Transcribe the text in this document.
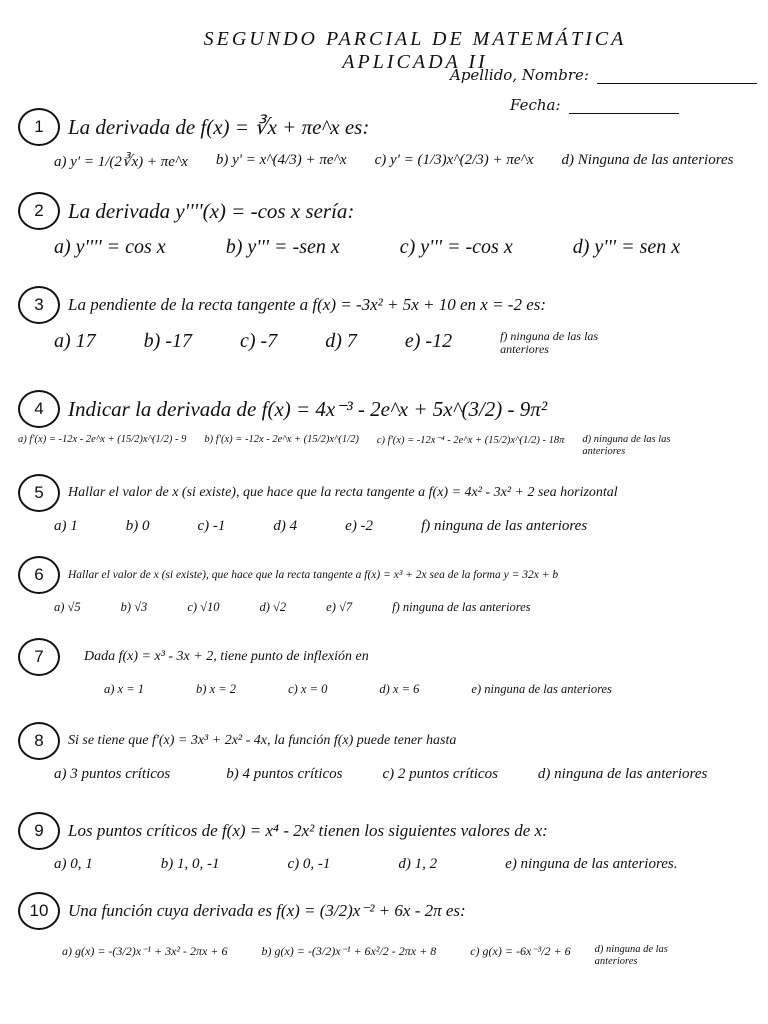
SEGUNDO PARCIAL DE MATEMÁTICA APLICADA II
Apellido, Nombre:
Fecha:
1	La derivada de f(x) = ∛x + πe^x es:
a) y' = 1/(2∛x) + πe^x b) y' = x^(4/3) + πe^x c) y' = (1/3)x^(2/3) + πe^x d) Ninguna de las anteriores
2	La derivada y''''(x) = -cos x sería:
a) y'''' = cos x	b) y''' = -sen x	c) y''' = -cos x	d) y''' = sen x
3	La pendiente de la recta tangente a f(x) = -3x² + 5x + 10 en x = -2 es:
a) 17 b) -17 c) -7 d) 7 e) -12	f) ninguna de las las anteriores
4	Indicar la derivada de f(x) = 4x⁻³ - 2e^x + 5x^(3/2) - 9π²
a) f'(x) = -12x - 2e^x + (15/2)x^(1/2) - 9 b) f'(x) = -12x - 2e^x + (15/2)x^(1/2) c) f'(x) = -12x⁻⁴ - 2e^x + (15/2)x^(1/2) - 18π d) ninguna de las las anteriores
5	Hallar el valor de x (si existe), que hace que la recta tangente a f(x) = 4x² - 3x² + 2 sea horizontal
a) 1	b) 0	c) -1	d) 4	e) -2	f) ninguna de las anteriores
6	Hallar el valor de x (si existe), que hace que la recta tangente a f(x) = x³ + 2x sea de la forma y = 32x + b
a) √5	b) √3	c) √10	d) √2	e) √7	f) ninguna de las anteriores
7	Dada f(x) = x³ - 3x + 2, tiene punto de inflexión en
a) x = 1	b) x = 2	c) x = 0	d) x = 6	e) ninguna de las anteriores
8	Si se tiene que f'(x) = 3x³ + 2x² - 4x, la función f(x) puede tener hasta
a) 3 puntos críticos	b) 4 puntos críticos	c) 2 puntos críticos	d) ninguna de las anteriores
9	Los puntos críticos de f(x) = x⁴ - 2x² tienen los siguientes valores de x:
a) 0, 1	b) 1, 0, -1	c) 0, -1	d) 1, 2	e) ninguna de las anteriores.
10	Una función cuya derivada es f(x) = (3/2)x⁻² + 6x - 2π es:
a) g(x) = -(3/2)x⁻¹ + 3x² - 2πx + 6	b) g(x) = -(3/2)x⁻¹ + 6x²/2 - 2πx + 8	c) g(x) = -6x⁻³/2 + 6 d) ninguna de las anteriores
